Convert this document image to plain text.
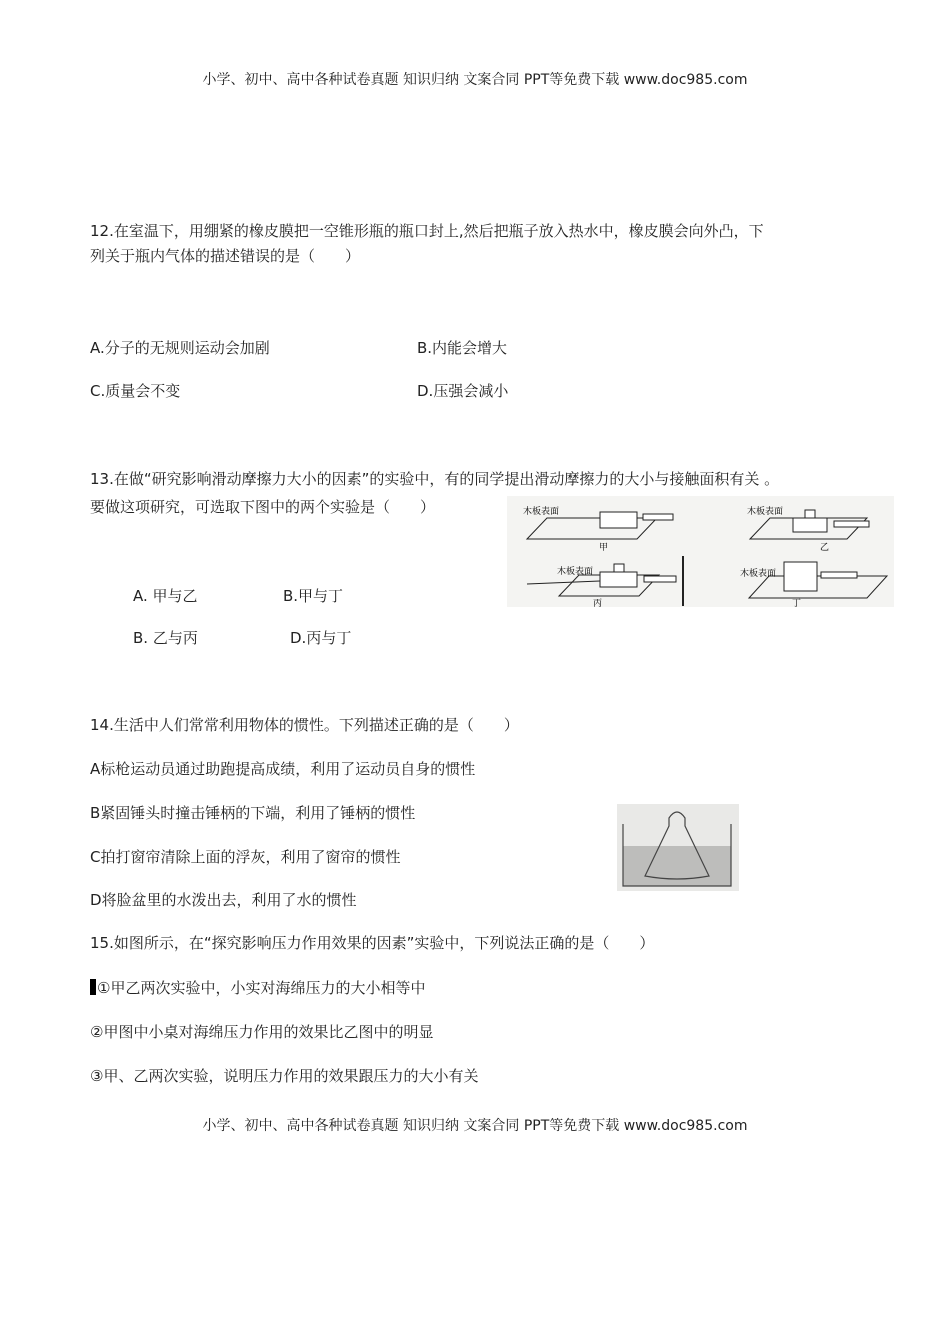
小学、初中、高中各种试卷真题 知识归纳 文案合同 PPT等免费下载 www.doc985.com
12.在室温下，用绷紧的橡皮膜把一空锥形瓶的瓶口封上,然后把瓶子放入热水中，橡皮膜会向外凸，下
列关于瓶内气体的描述错误的是（　　）
A.分子的无规则运动会加剧	B.内能会增大
C.质量会不变	D.压强会减小
13.在做“研究影响滑动摩擦力大小的因素”的实验中，有的同学提出滑动摩擦力的大小与接触面积有关 。
要做这项研究，可选取下图中的两个实验是（　　）
A. 甲与乙	B.甲与丁
B. 乙与丙	D.丙与丁
木板表面	木板表面
木板表面	木板表面
甲	乙
丙	丁
14.生活中人们常常利用物体的惯性。下列描述正确的是（　　）
A标枪运动员通过助跑提高成绩，利用了运动员自身的惯性
B紧固锤头时撞击锤柄的下端，利用了锤柄的惯性
C拍打窗帘清除上面的浮灰，利用了窗帘的惯性
D将脸盆里的水泼出去，利用了水的惯性
15.如图所示，在“探究影响压力作用效果的因素”实验中，下列说法正确的是（　　）
①甲乙两次实验中，小实对海绵压力的大小相等中
②甲图中小桌对海绵压力作用的效果比乙图中的明显
③甲、乙两次实验，说明压力作用的效果跟压力的大小有关
小学、初中、高中各种试卷真题 知识归纳 文案合同 PPT等免费下载 www.doc985.com
